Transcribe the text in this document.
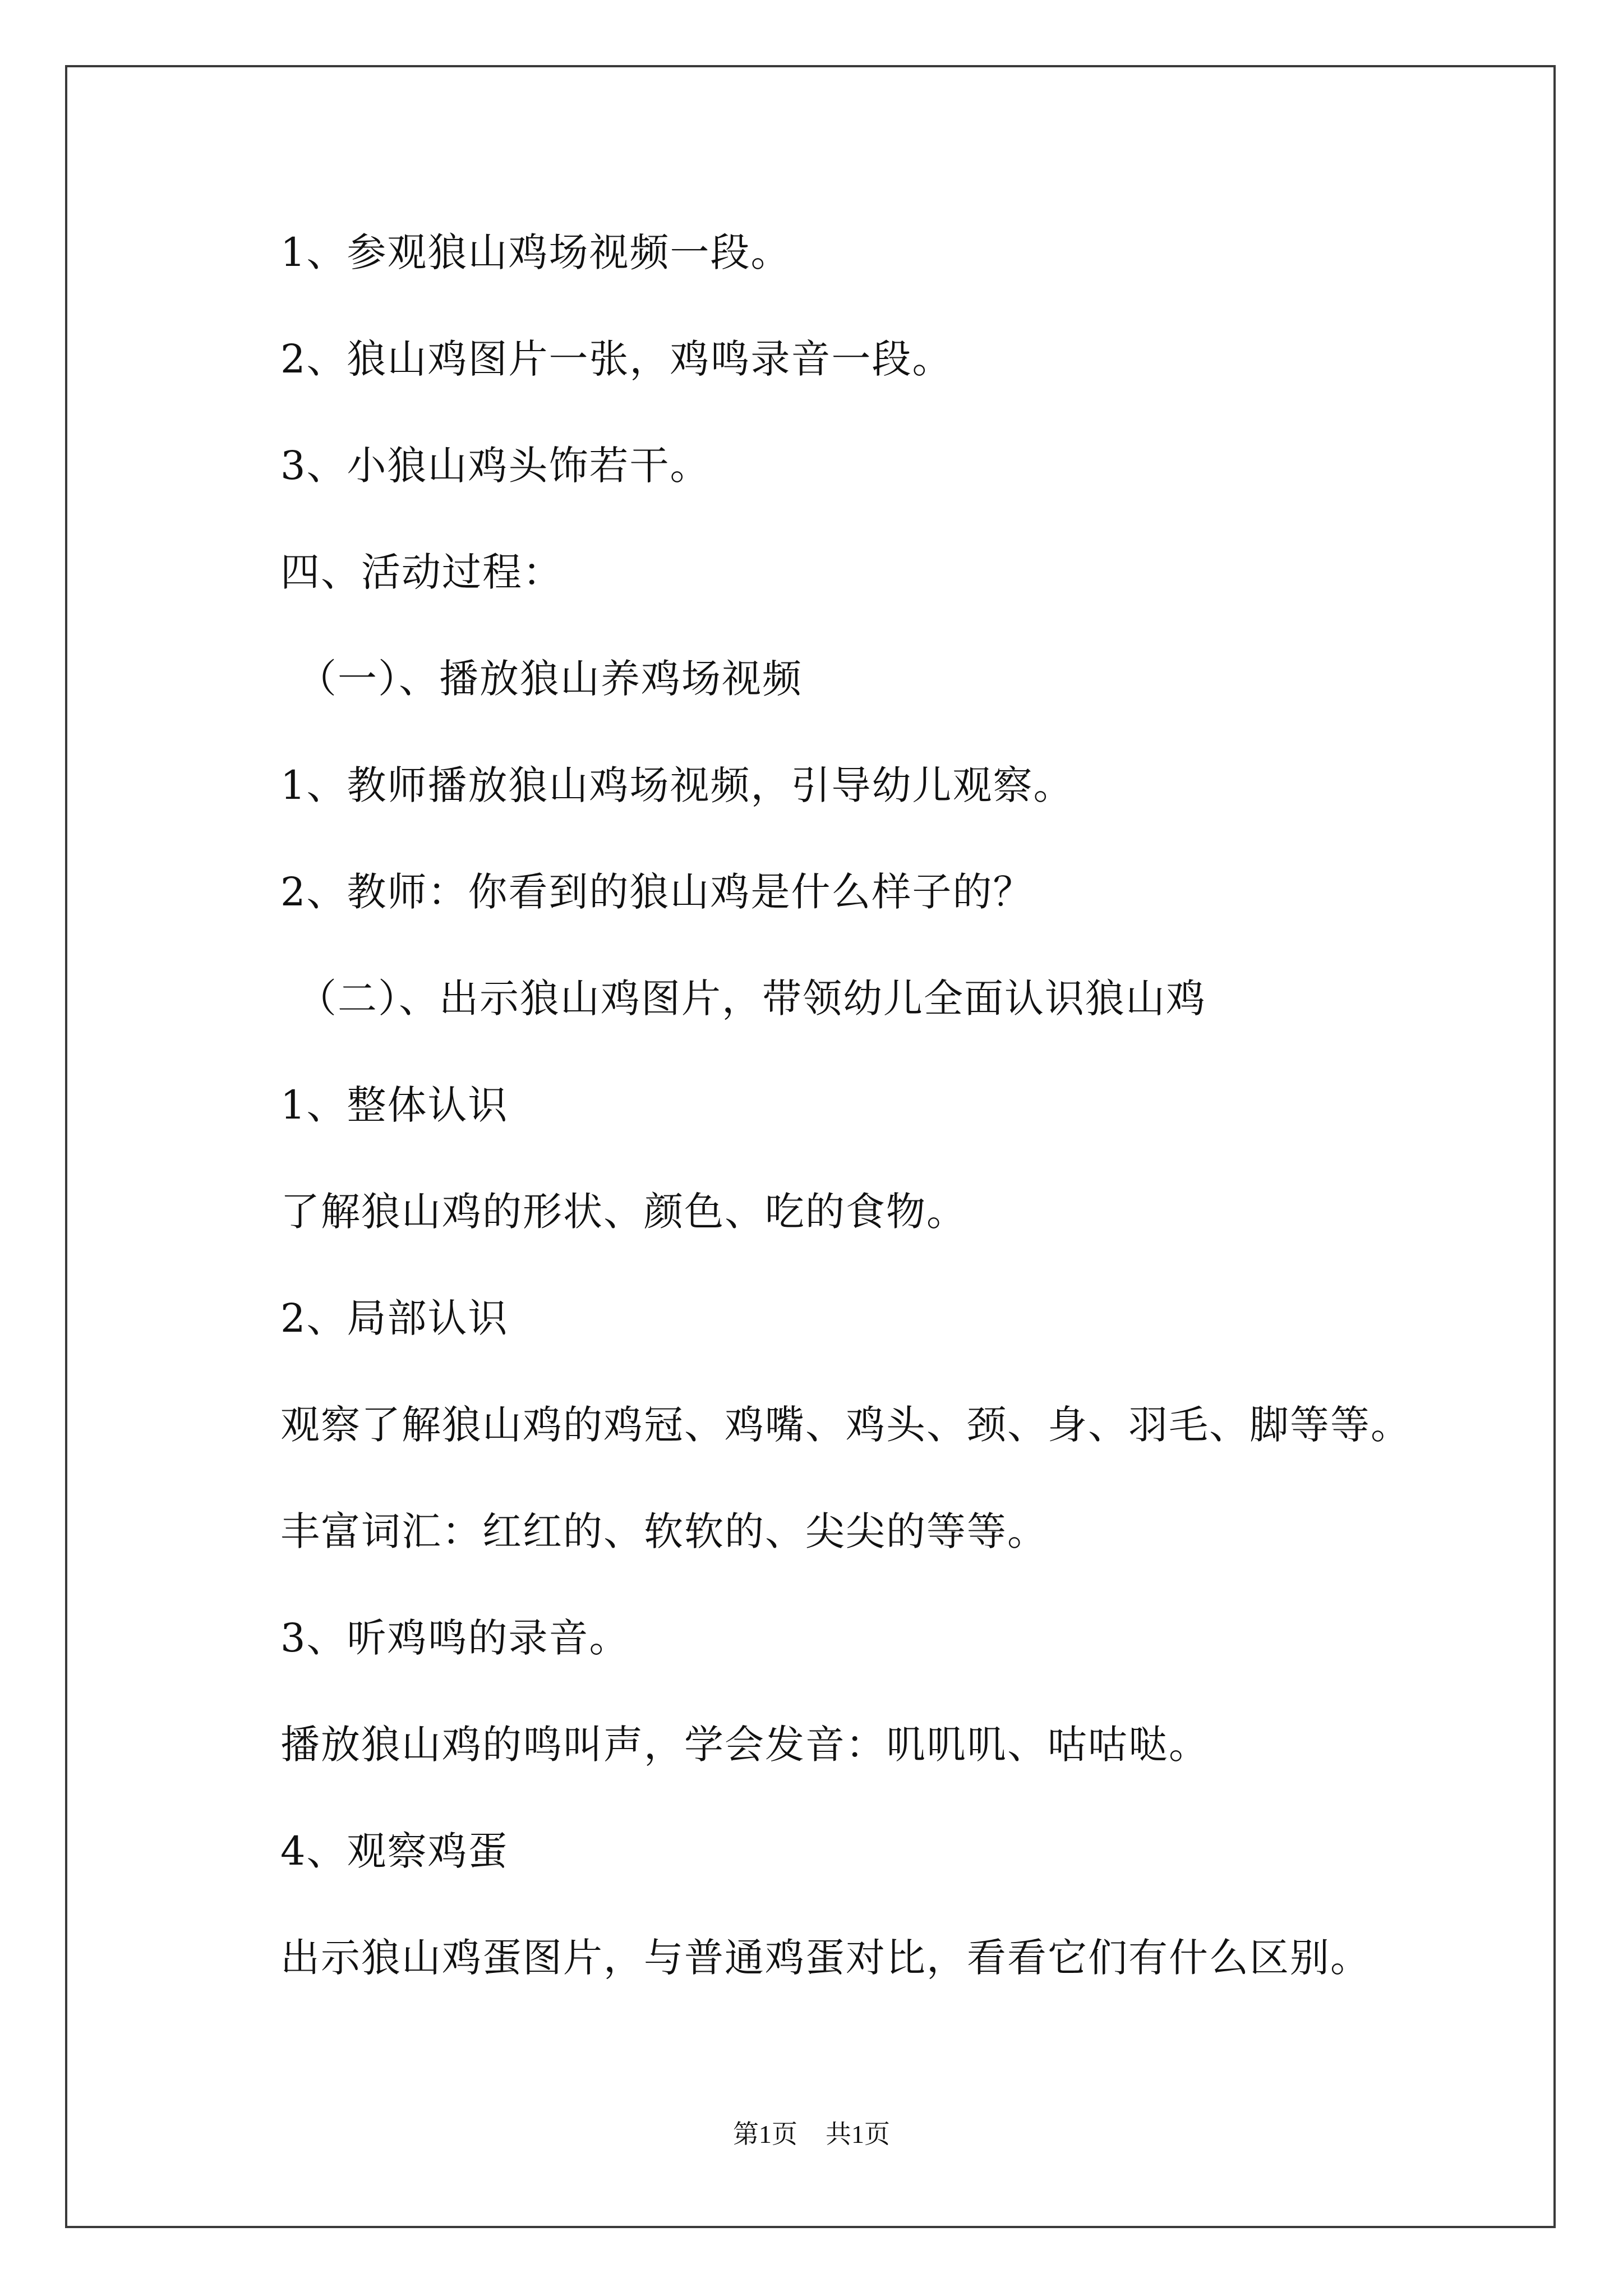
1、参观狼山鸡场视频一段。
2、狼山鸡图片一张，鸡鸣录音一段。
3、小狼山鸡头饰若干。
四、活动过程：
（一）、播放狼山养鸡场视频
1、教师播放狼山鸡场视频，引导幼儿观察。
2、教师：你看到的狼山鸡是什么样子的？
（二）、出示狼山鸡图片，带领幼儿全面认识狼山鸡
1、整体认识
了解狼山鸡的形状、颜色、吃的食物。
2、局部认识
观察了解狼山鸡的鸡冠、鸡嘴、鸡头、颈、身、羽毛、脚等等。
丰富词汇：红红的、软软的、尖尖的等等。
3、听鸡鸣的录音。
播放狼山鸡的鸣叫声，学会发音：叽叽叽、咕咕哒。
4、观察鸡蛋
出示狼山鸡蛋图片，与普通鸡蛋对比，看看它们有什么区别。
第1页 共1页
